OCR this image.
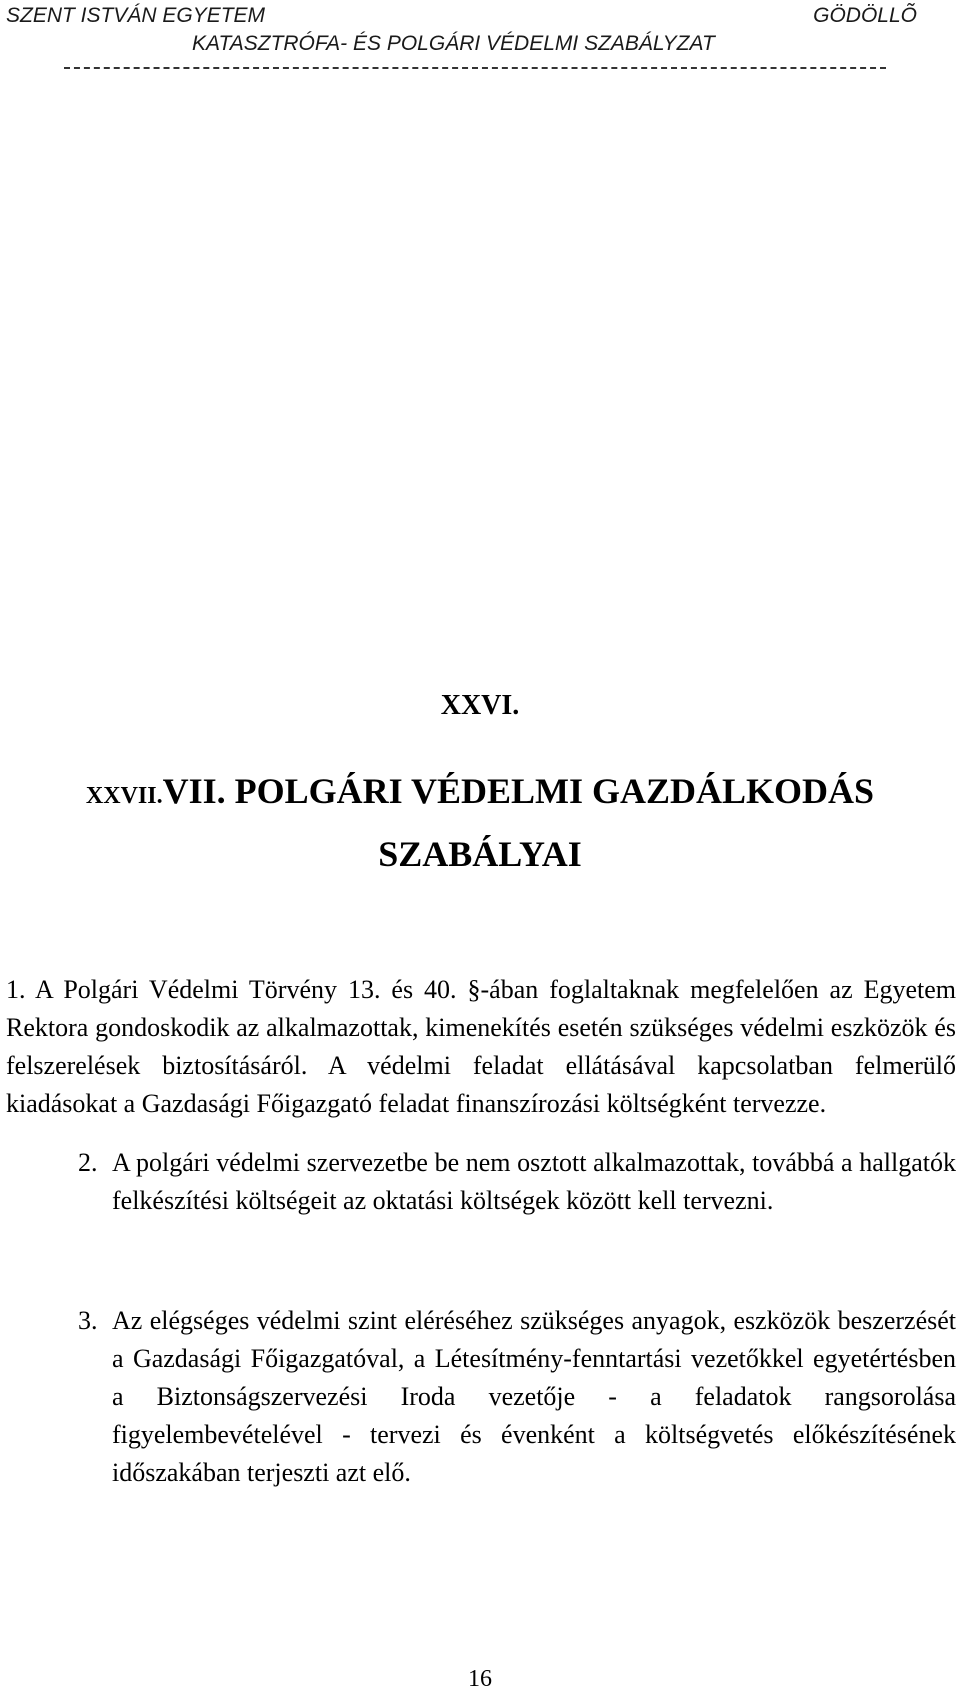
SZENT ISTVÁN EGYETEM	GÖDÖLLÕ
KATASZTRÓFA- ÉS POLGÁRI VÉDELMI SZABÁLYZAT
XXVI.
XXVII.VII. POLGÁRI VÉDELMI GAZDÁLKODÁS
SZABÁLYAI

1. A Polgári Védelmi Törvény 13. és 40. §-ában foglaltaknak megfelelően az Egyetem Rektora gondoskodik az alkalmazottak, kimenekítés esetén szükséges védelmi eszközök és felszerelések biztosításáról. A védelmi feladat ellátásával kapcsolatban felmerülő kiadásokat a Gazdasági Főigazgató feladat finanszírozási költségként tervezze.

2. A polgári védelmi szervezetbe be nem osztott alkalmazottak, továbbá a hallgatók felkészítési költségeit az oktatási költségek között kell tervezni.

3. Az elégséges védelmi szint eléréséhez szükséges anyagok, eszközök beszerzését a Gazdasági Főigazgatóval, a Létesítmény-fenntartási vezetőkkel egyetértésben a Biztonságszervezési Iroda vezetője - a feladatok rangsorolása figyelembevételével - tervezi és évenként a költségvetés előkészítésének időszakában terjeszti azt elő.

16
